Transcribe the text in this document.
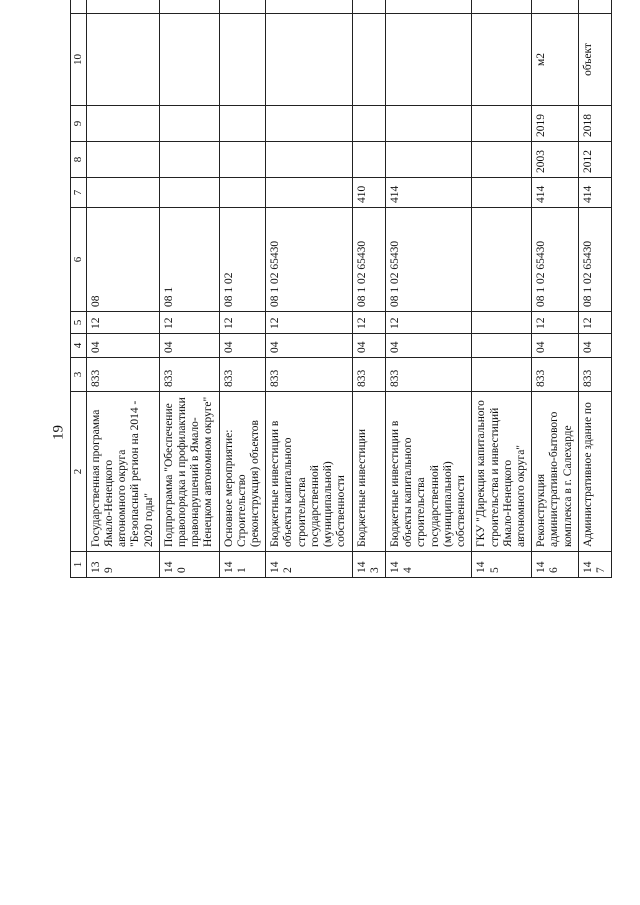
19
1	2	3	4	5	6	7	8	9	10		
139	Государственная программа Ямало-Ненецкого автономного округа "Безопасный регион на 2014 - 2020 годы"	833	04	12	08						
140	Подпрограмма "Обеспечение правопорядка и профилактики правонарушений в Ямало-Ненецком автономном округе"	833	04	12	08 1						
141	Основное мероприятие: Строительство (реконструкция) объектов	833	04	12	08 1 02						
142	Бюджетные инвестиции в объекты капитального строительства государственной (муниципальной) собственности	833	04	12	08 1 02 65430						
143	Бюджетные инвестиции	833	04	12	08 1 02 65430	410					
144	Бюджетные инвестиции в объекты капитального строительства государственной (муниципальной) собственности	833	04	12	08 1 02 65430	414					
145	ГКУ "Дирекция капитального строительства и инвестиций Ямало-Ненецкого автономного округа"										
146	Реконструкция административно-бытового комплекса в г. Салехарде	833	04	12	08 1 02 65430	414	2003	2019	м2		
147	Административное здание по	833	04	12	08 1 02 65430	414	2012	2018	объект		
